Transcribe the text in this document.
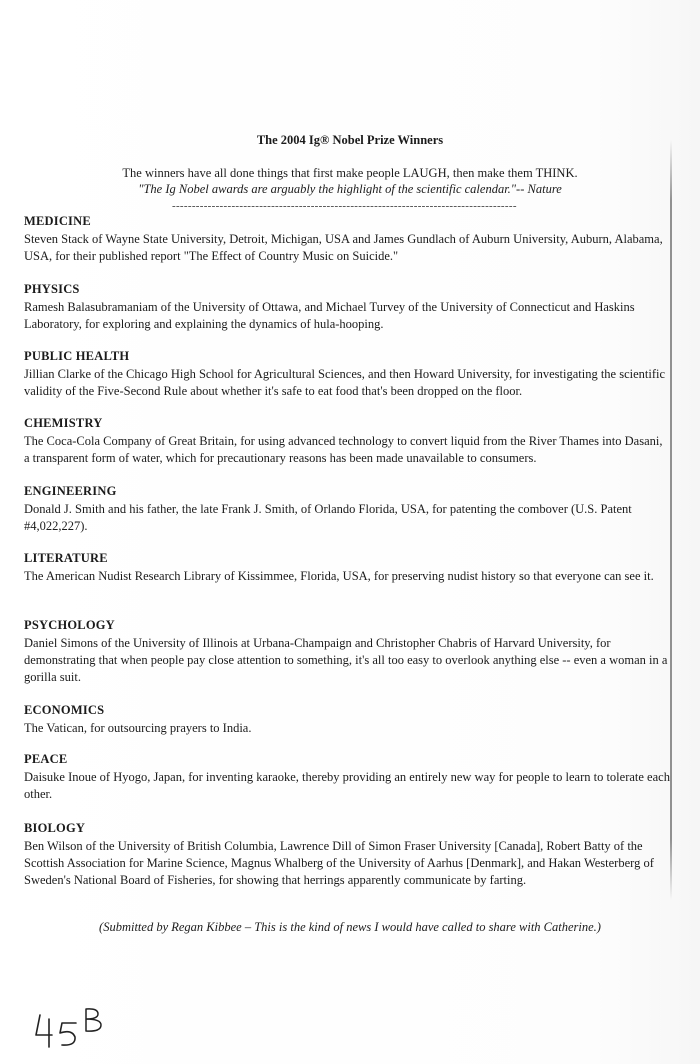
The 2004 Ig® Nobel Prize Winners
The winners have all done things that first make people LAUGH, then make them THINK.
"The Ig Nobel awards are arguably the highlight of the scientific calendar."-- Nature
---------------------------------------------------------------------------------------
MEDICINE

Steven Stack of Wayne State University, Detroit, Michigan, USA and James Gundlach of Auburn University, Auburn, Alabama, USA, for their published report "The Effect of Country Music on Suicide."

PHYSICS

Ramesh Balasubramaniam of the University of Ottawa, and Michael Turvey of the University of Connecticut and Haskins Laboratory, for exploring and explaining the dynamics of hula-hooping.

PUBLIC HEALTH

Jillian Clarke of the Chicago High School for Agricultural Sciences, and then Howard University, for investigating the scientific validity of the Five-Second Rule about whether it's safe to eat food that's been dropped on the floor.

CHEMISTRY

The Coca-Cola Company of Great Britain, for using advanced technology to convert liquid from the River Thames into Dasani, a transparent form of water, which for precautionary reasons has been made unavailable to consumers.

ENGINEERING

Donald J. Smith and his father, the late Frank J. Smith, of Orlando Florida, USA, for patenting the combover (U.S. Patent #4,022,227).

LITERATURE

The American Nudist Research Library of Kissimmee, Florida, USA, for preserving nudist history so that everyone can see it.

PSYCHOLOGY

Daniel Simons of the University of Illinois at Urbana-Champaign and Christopher Chabris of Harvard University, for demonstrating that when people pay close attention to something, it's all too easy to overlook anything else -- even a woman in a gorilla suit.

ECONOMICS

The Vatican, for outsourcing prayers to India.

PEACE

Daisuke Inoue of Hyogo, Japan, for inventing karaoke, thereby providing an entirely new way for people to learn to tolerate each other.

BIOLOGY

Ben Wilson of the University of British Columbia, Lawrence Dill of Simon Fraser University [Canada], Robert Batty of the Scottish Association for Marine Science, Magnus Whalberg of the University of Aarhus [Denmark], and Hakan Westerberg of Sweden's National Board of Fisheries, for showing that herrings apparently communicate by farting.

(Submitted by Regan Kibbee – This is the kind of news I would have called to share with Catherine.)
